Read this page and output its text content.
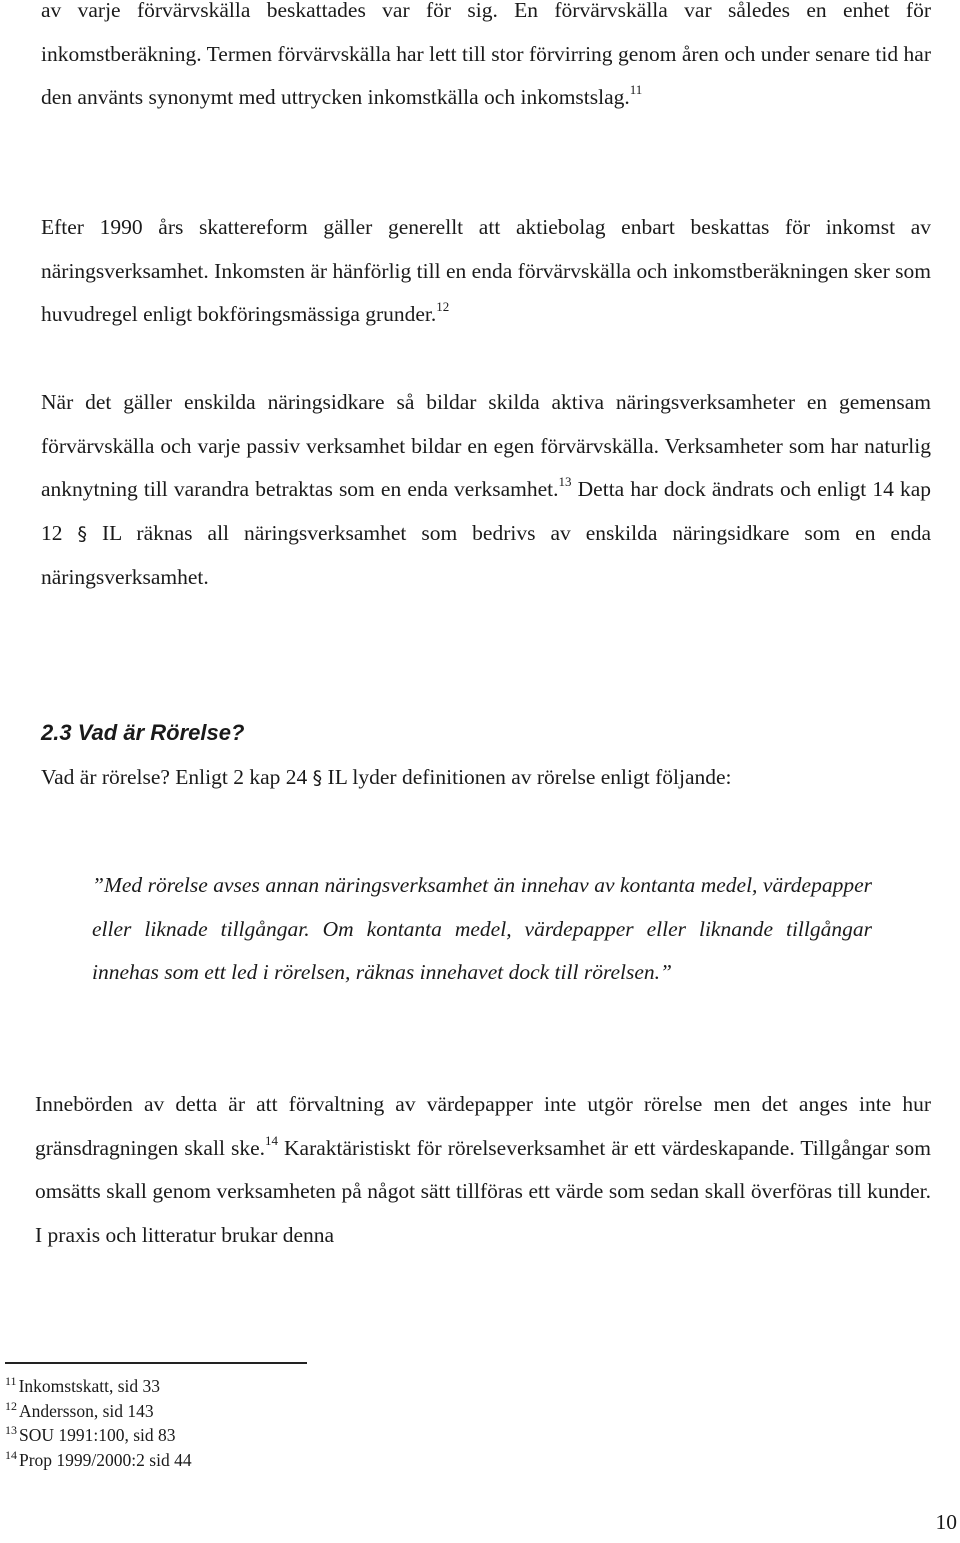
av varje förvärvskälla beskattades var för sig. En förvärvskälla var således en enhet för inkomstberäkning. Termen förvärvskälla har lett till stor förvirring genom åren och under senare tid har den använts synonymt med uttrycken inkomstkälla och inkomstslag.$^{11}$

Efter 1990 års skattereform gäller generellt att aktiebolag enbart beskattas för inkomst av näringsverksamhet. Inkomsten är hänförlig till en enda förvärvskälla och inkomstberäkningen sker som huvudregel enligt bokföringsmässiga grunder.$^{12}$

När det gäller enskilda näringsidkare så bildar skilda aktiva näringsverksamheter en gemensam förvärvskälla och varje passiv verksamhet bildar en egen förvärvskälla. Verksamheter som har naturlig anknytning till varandra betraktas som en enda verksamhet.$^{13}$ Detta har dock ändrats och enligt 14 kap 12 § IL räknas all näringsverksamhet som bedrivs av enskilda näringsidkare som en enda näringsverksamhet.

2.3 Vad är Rörelse?

Vad är rörelse? Enligt 2 kap 24 § IL lyder definitionen av rörelse enligt följande:

”Med rörelse avses annan näringsverksamhet än innehav av kontanta medel, värdepapper eller liknade tillgångar. Om kontanta medel, värdepapper eller liknande tillgångar innehas som ett led i rörelsen, räknas innehavet dock till rörelsen.”

Innebörden av detta är att förvaltning av värdepapper inte utgör rörelse men det anges inte hur gränsdragningen skall ske.$^{14}$ Karaktäristiskt för rörelseverksamhet är ett värdeskapande. Tillgångar som omsätts skall genom verksamheten på något sätt tillföras ett värde som sedan skall överföras till kunder. I praxis och litteratur brukar denna

$^{11}$ Inkomstskatt, sid 33
$^{12}$ Andersson, sid 143
$^{13}$ SOU 1991:100, sid 83
$^{14}$ Prop 1999/2000:2 sid 44
10
